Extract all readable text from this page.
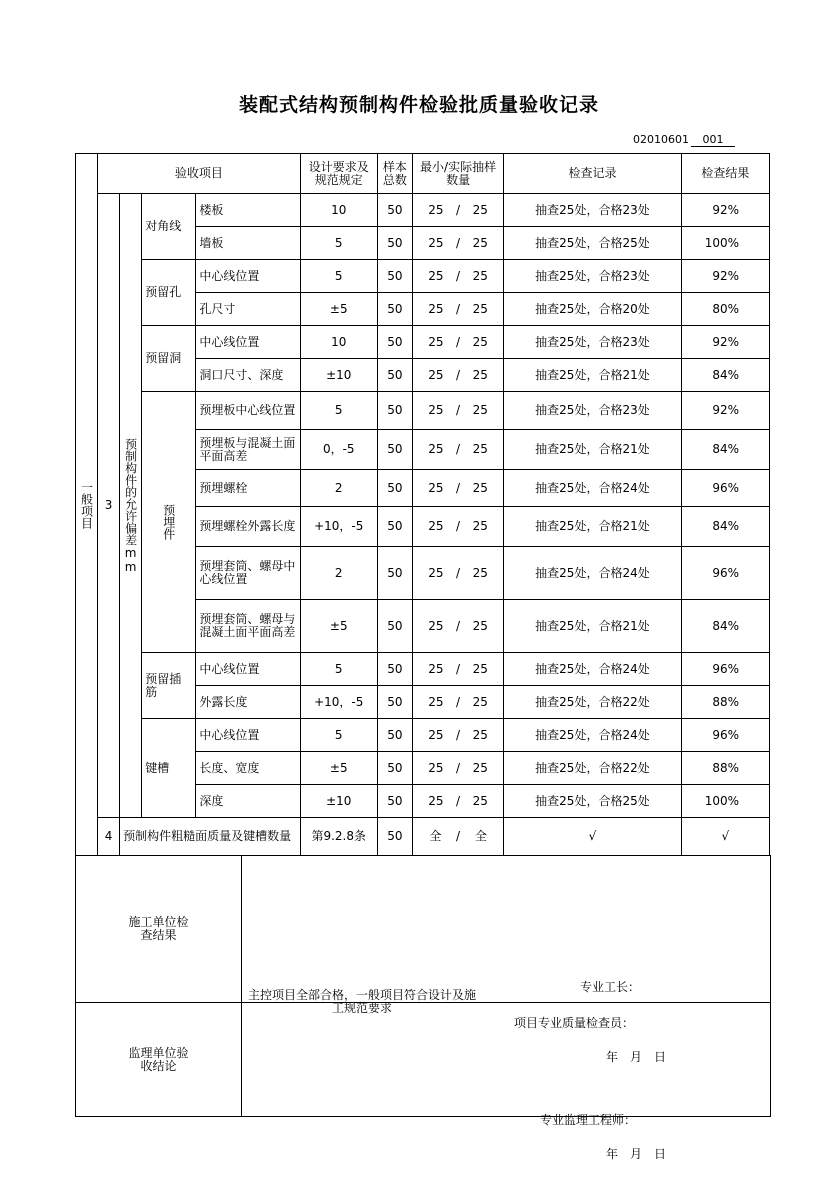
装配式结构预制构件检验批质量验收记录
02010601 001
一般项目	验收项目				设计要求及规范规定	样本总数	最小/实际抽样数量	检查记录	检查结果
	3	预制构件的允许偏差mm	对角线	楼板	10	50	25 / 25	抽查25处，合格23处	92%
				墙板	5	50	25 / 25	抽查25处，合格25处	100%
			预留孔	中心线位置	5	50	25 / 25	抽查25处，合格23处	92%
				孔尺寸	±5	50	25 / 25	抽查25处，合格20处	80%
			预留洞	中心线位置	10	50	25 / 25	抽查25处，合格23处	92%
				洞口尺寸、深度	±10	50	25 / 25	抽查25处，合格21处	84%

			预埋件	预埋板中心线位置	5	50	25 / 25	抽查25处，合格23处	92%
				预埋板与混凝土面平面高差	0，-5	50	25 / 25	抽查25处，合格21处	84%
				预埋螺栓	2	50	25 / 25	抽查25处，合格24处	96%
				预埋螺栓外露长度	+10，-5	50	25 / 25	抽查25处，合格21处	84%
				预埋套筒、螺母中心线位置	2	50	25 / 25	抽查25处，合格24处	96%
				预埋套筒、螺母与混凝土面平面高差	±5	50	25 / 25	抽查25处，合格21处	84%
			预留插筋	中心线位置	5	50	25 / 25	抽查25处，合格24处	96%
				外露长度	+10，-5	50	25 / 25	抽查25处，合格22处	88%
			键槽	中心线位置	5	50	25 / 25	抽查25处，合格24处	96%
				长度、宽度	±5	50	25 / 25	抽查25处，合格22处	88%
				深度	±10	50	25 / 25	抽查25处，合格25处	100%
	4	预制构件粗糙面质量及键槽数量			第9.2.8条	50	全 / 全	√	√
施工单位检查结果	主控项目全部合格，一般项目符合设计及施工规范要求
专业工长：
项目专业质量检查员：
年　月　日

监理单位验收结论	专业监理工程师：
年　月　日
